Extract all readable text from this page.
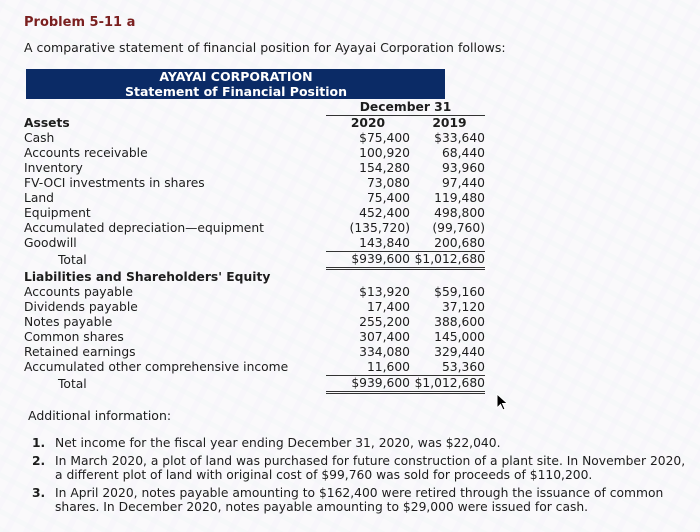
Problem 5-11 a
A comparative statement of financial position for Ayayai Corporation follows:
AYAYAI CORPORATION
Statement of Financial Position
	December 31	
Assets	2020	2019
Cash	$75,400	$33,640
Accounts receivable	100,920	68,440
Inventory	154,280	93,960
FV-OCI investments in shares	73,080	97,440
Land	75,400	119,480
Equipment	452,400	498,800
Accumulated depreciation—equipment	(135,720)	(99,760)
Goodwill	143,840	200,680
Total	$939,600	$1,012,680
Liabilities and Shareholders' Equity		
Accounts payable	$13,920	$59,160
Dividends payable	17,400	37,120
Notes payable	255,200	388,600
Common shares	307,400	145,000
Retained earnings	334,080	329,440
Accumulated other comprehensive income	11,600	53,360
Total	$939,600	$1,012,680
Additional information:
1. Net income for the fiscal year ending December 31, 2020, was $22,040.
2. In March 2020, a plot of land was purchased for future construction of a plant site. In November 2020, a different plot of land with original cost of $99,760 was sold for proceeds of $110,200.
3. In April 2020, notes payable amounting to $162,400 were retired through the issuance of common shares. In December 2020, notes payable amounting to $29,000 were issued for cash.
